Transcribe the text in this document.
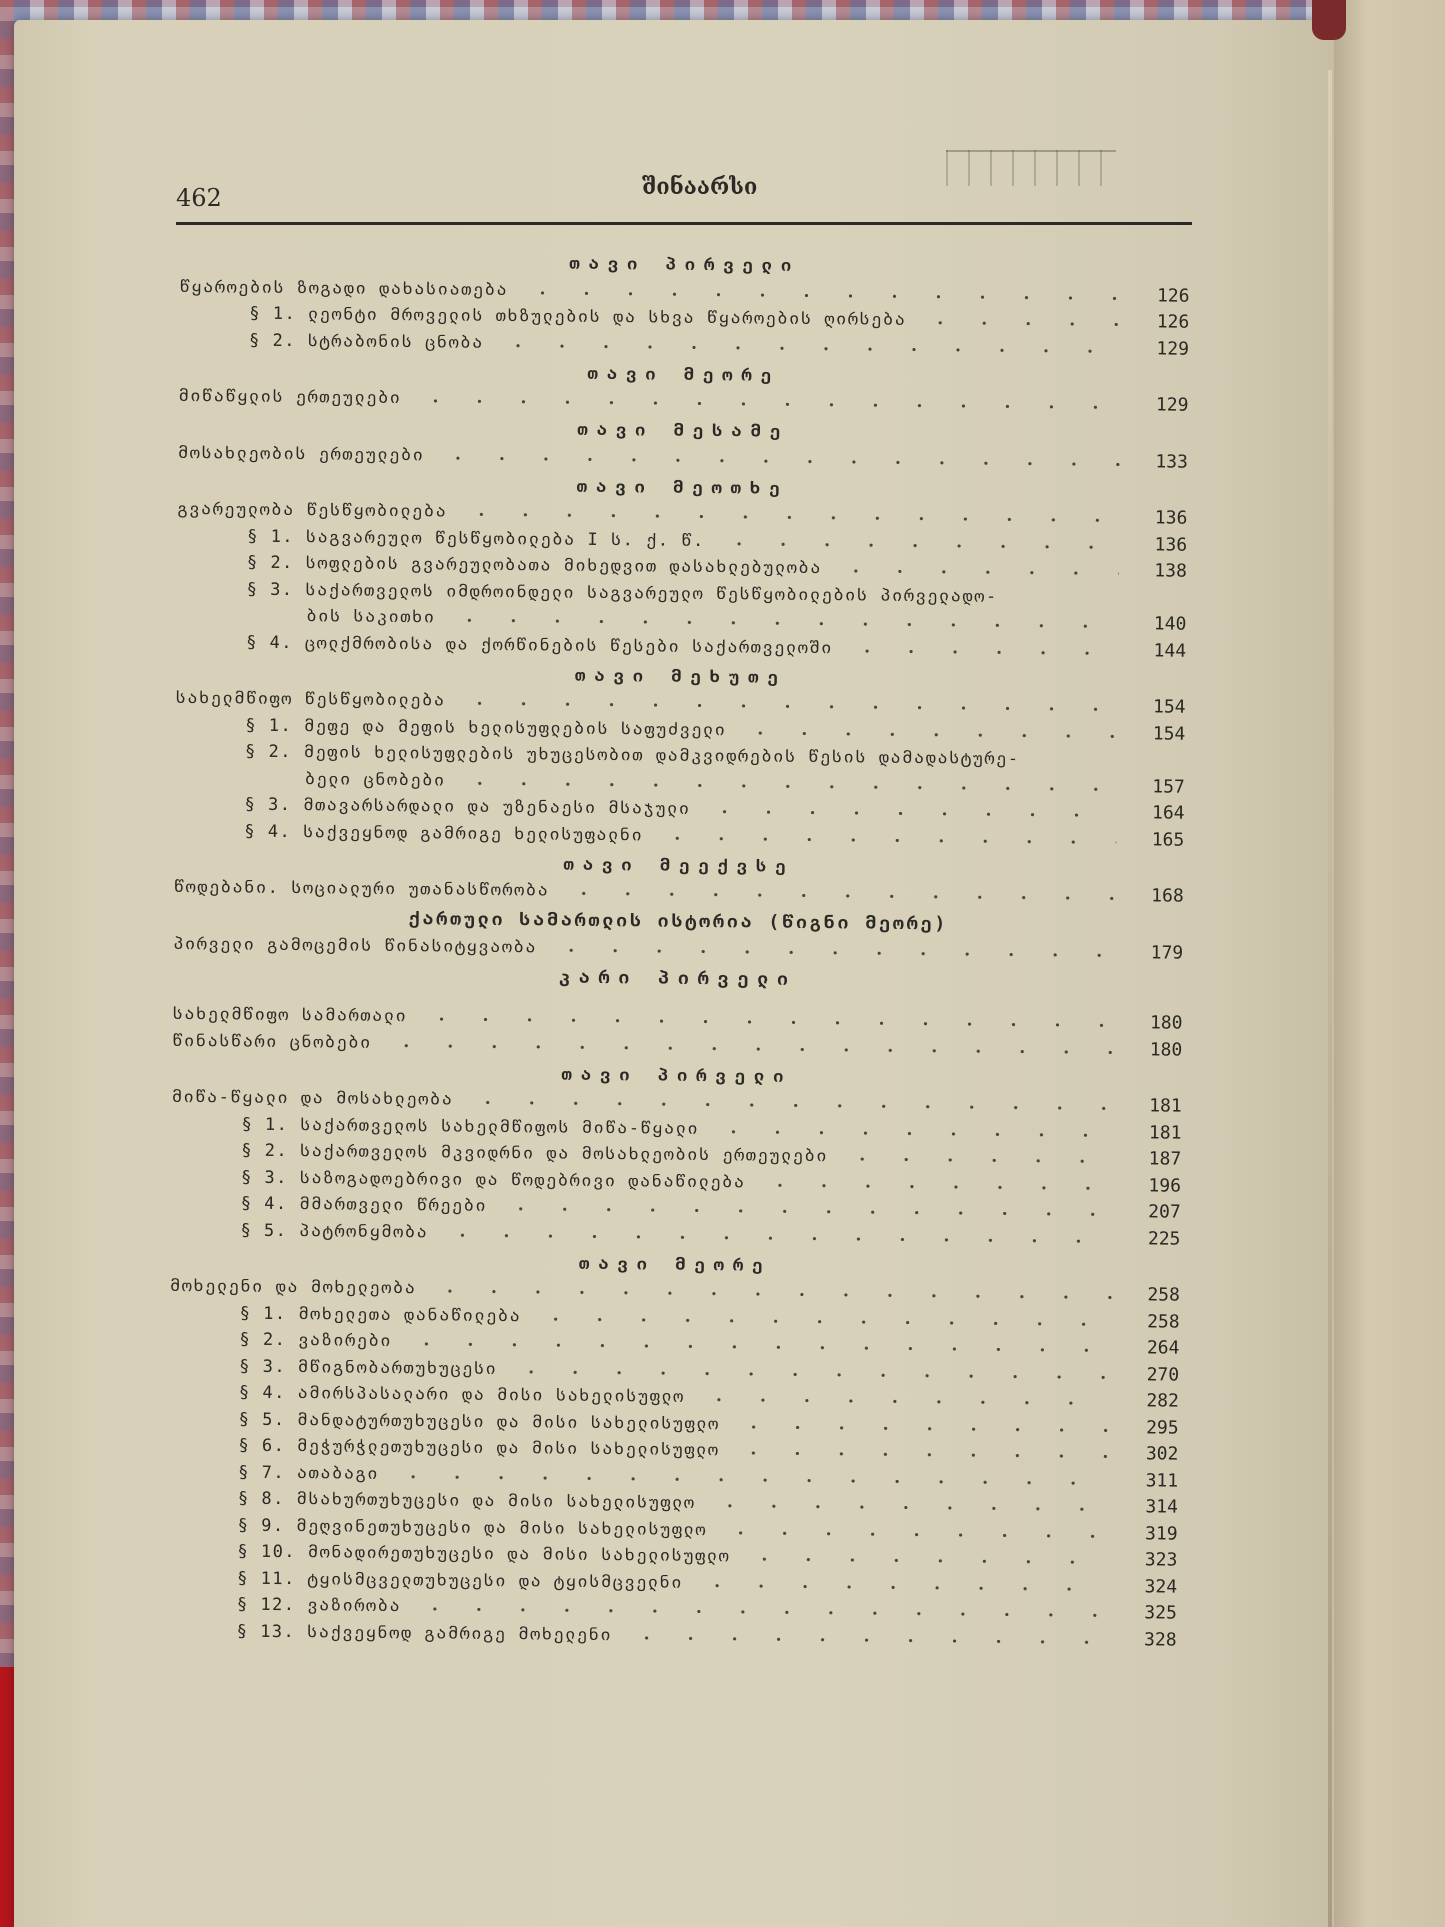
462	შინაარსი
თავი პირველი
წყაროების ზოგადი დახასიათება	126
§ 1. ლეონტი მროველის თხზულების და სხვა წყაროების ღირსება	126
§ 2. სტრაბონის ცნობა	129
თავი მეორე
მიწაწყლის ერთეულები	129
თავი მესამე
მოსახლეობის ერთეულები	133
თავი მეოთხე
გვარეულობა წესწყობილება	136
§ 1. საგვარეულო წესწყობილება I ს. ქ. წ.	136
§ 2. სოფლების გვარეულობათა მიხედვით დასახლებულობა	138
§ 3. საქართველოს იმდროინდელი საგვარეულო წესწყობილების პირველადო-
ბის საკითხი	140
§ 4. ცოლქმრობისა და ქორწინების წესები საქართველოში	144
თავი მეხუთე
სახელმწიფო წესწყობილება	154
§ 1. მეფე და მეფის ხელისუფლების საფუძველი	154
§ 2. მეფის ხელისუფლების უხუცესობით დამკვიდრების წესის დამადასტურე-
ბელი ცნობები	157
§ 3. მთავარსარდალი და უზენაესი მსაჯული	164
§ 4. საქვეყნოდ გამრიგე ხელისუფალნი	165
თავი მეექვსე
წოდებანი. სოციალური უთანასწორობა	168
ქართული სამართლის ისტორია (წიგნი მეორე)
პირველი გამოცემის წინასიტყვაობა	179
კარი პირველი
სახელმწიფო სამართალი	180
წინასწარი ცნობები	180
თავი პირველი
მიწა-წყალი და მოსახლეობა	181
§ 1. საქართველოს სახელმწიფოს მიწა-წყალი	181
§ 2. საქართველოს მკვიდრნი და მოსახლეობის ერთეულები	187
§ 3. საზოგადოებრივი და წოდებრივი დანაწილება	196
§ 4. მმართველი წრეები	207
§ 5. პატრონყმობა	225
თავი მეორე
მოხელენი და მოხელეობა	258
§ 1. მოხელეთა დანაწილება	258
§ 2. ვაზირები	264
§ 3. მწიგნობართუხუცესი	270
§ 4. ამირსპასალარი და მისი სახელისუფლო	282
§ 5. მანდატურთუხუცესი და მისი სახელისუფლო	295
§ 6. მეჭურჭლეთუხუცესი და მისი სახელისუფლო	302
§ 7. ათაბაგი	311
§ 8. მსახურთუხუცესი და მისი სახელისუფლო	314
§ 9. მეღვინეთუხუცესი და მისი სახელისუფლო	319
§ 10. მონადირეთუხუცესი და მისი სახელისუფლო	323
§ 11. ტყისმცველთუხუცესი და ტყისმცველნი	324
§ 12. ვაზირობა	325
§ 13. საქვეყნოდ გამრიგე მოხელენი	328
